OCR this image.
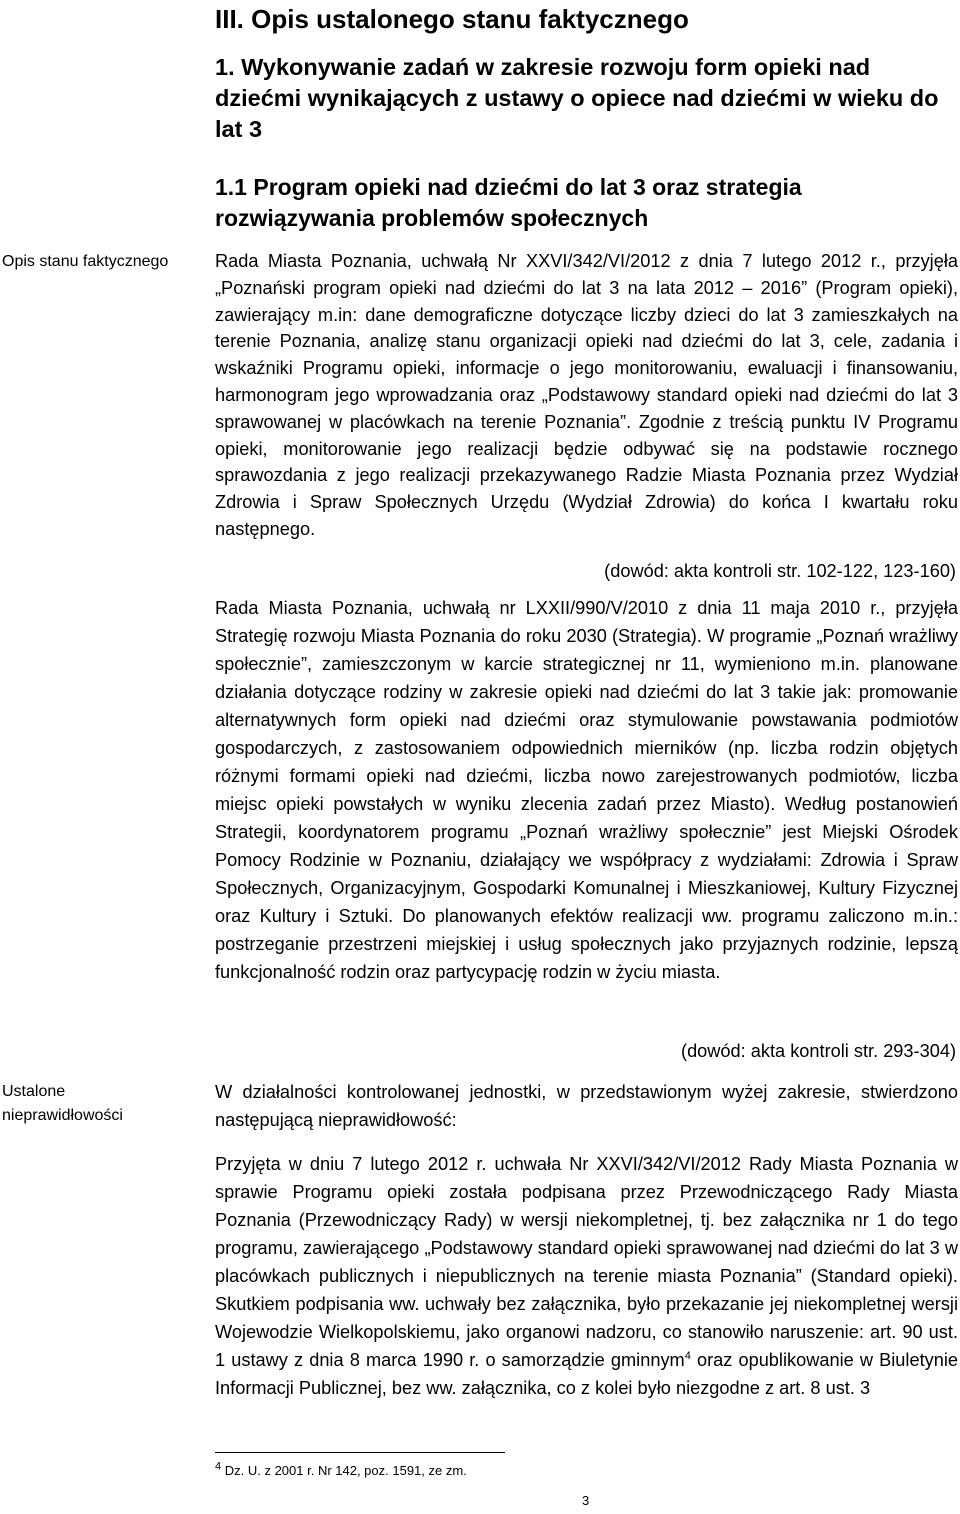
Opis stanu faktycznego
Ustalone nieprawidłowości
III. Opis ustalonego stanu faktycznego
1. Wykonywanie zadań w zakresie rozwoju form opieki nad dziećmi wynikających z ustawy o opiece nad dziećmi w wieku do lat 3
1.1 Program opieki nad dziećmi do lat 3 oraz strategia rozwiązywania problemów społecznych
Rada Miasta Poznania, uchwałą Nr XXVI/342/VI/2012 z dnia 7 lutego 2012 r., przyjęła „Poznański program opieki nad dziećmi do lat 3 na lata 2012 – 2016” (Program opieki), zawierający m.in: dane demograficzne dotyczące liczby dzieci do lat 3 zamieszkałych na terenie Poznania, analizę stanu organizacji opieki nad dziećmi do lat 3, cele, zadania i wskaźniki Programu opieki, informacje o jego monitorowaniu, ewaluacji i finansowaniu, harmonogram jego wprowadzania oraz „Podstawowy standard opieki nad dziećmi do lat 3 sprawowanej w placówkach na terenie Poznania”. Zgodnie z treścią punktu IV Programu opieki, monitorowanie jego realizacji będzie odbywać się na podstawie rocznego sprawozdania z jego realizacji przekazywanego Radzie Miasta Poznania przez Wydział Zdrowia i Spraw Społecznych Urzędu (Wydział Zdrowia) do końca I kwartału roku następnego.
(dowód: akta kontroli str. 102-122, 123-160)
Rada Miasta Poznania, uchwałą nr LXXII/990/V/2010 z dnia 11 maja 2010 r., przyjęła Strategię rozwoju Miasta Poznania do roku 2030 (Strategia). W programie „Poznań wrażliwy społecznie”, zamieszczonym w karcie strategicznej nr 11, wymieniono m.in. planowane działania dotyczące rodziny w zakresie opieki nad dziećmi do lat 3 takie jak: promowanie alternatywnych form opieki nad dziećmi oraz stymulowanie powstawania podmiotów gospodarczych, z zastosowaniem odpowiednich mierników (np. liczba rodzin objętych różnymi formami opieki nad dziećmi, liczba nowo zarejestrowanych podmiotów, liczba miejsc opieki powstałych w wyniku zlecenia zadań przez Miasto). Według postanowień Strategii, koordynatorem programu „Poznań wrażliwy społecznie” jest Miejski Ośrodek Pomocy Rodzinie w Poznaniu, działający we współpracy z wydziałami: Zdrowia i Spraw Społecznych, Organizacyjnym, Gospodarki Komunalnej i Mieszkaniowej, Kultury Fizycznej oraz Kultury i Sztuki. Do planowanych efektów realizacji ww. programu zaliczono m.in.: postrzeganie przestrzeni miejskiej i usług społecznych jako przyjaznych rodzinie, lepszą funkcjonalność rodzin oraz partycypację rodzin w życiu miasta.
(dowód: akta kontroli str. 293-304)
W działalności kontrolowanej jednostki, w przedstawionym wyżej zakresie, stwierdzono następującą nieprawidłowość:
Przyjęta w dniu 7 lutego 2012 r. uchwała Nr XXVI/342/VI/2012 Rady Miasta Poznania w sprawie Programu opieki została podpisana przez Przewodniczącego Rady Miasta Poznania (Przewodniczący Rady) w wersji niekompletnej, tj. bez załącznika nr 1 do tego programu, zawierającego „Podstawowy standard opieki sprawowanej nad dziećmi do lat 3 w placówkach publicznych i niepublicznych na terenie miasta Poznania” (Standard opieki). Skutkiem podpisania ww. uchwały bez załącznika, było przekazanie jej niekompletnej wersji Wojewodzie Wielkopolskiemu, jako organowi nadzoru, co stanowiło naruszenie: art. 90 ust. 1 ustawy z dnia 8 marca 1990 r. o samorządzie gminnym$^4$ oraz opublikowanie w Biuletynie Informacji Publicznej, bez ww. załącznika, co z kolei było niezgodne z art. 8 ust. 3
$^4$ Dz. U. z 2001 r. Nr 142, poz. 1591, ze zm.
3
